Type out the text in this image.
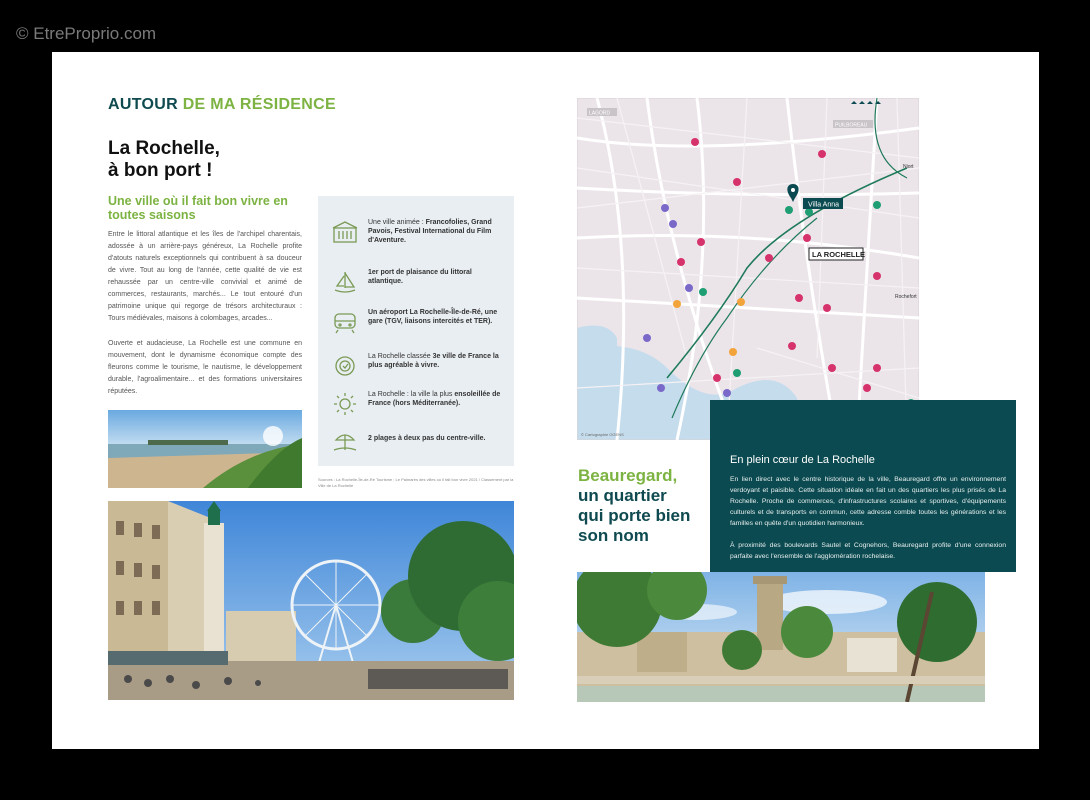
© EtreProprio.com
AUTOUR DE MA RÉSIDENCE
La Rochelle,
à bon port !
Une ville où il fait bon vivre en toutes saisons
Entre le littoral atlantique et les îles de l'archipel charentais, adossée à un arrière-pays généreux, La Rochelle profite d'atouts naturels exceptionnels qui contribuent à sa douceur de vivre. Tout au long de l'année, cette qualité de vie est rehaussée par un centre-ville convivial et animé de commerces, restaurants, marchés... Le tout entouré d'un patrimoine unique qui regorge de trésors architecturaux : Tours médiévales, maisons à colombages, arcades...
Ouverte et audacieuse, La Rochelle est une commune en mouvement, dont le dynamisme économique compte des fleurons comme le tourisme, le nautisme, le développement durable, l'agroalimentaire... et des formations universitaires réputées.
Une ville animée : Francofolies, Grand Pavois, Festival International du Film d'Aventure.
1er port de plaisance du littoral atlantique.
Un aéroport La Rochelle-Île-de-Ré, une gare (TGV, liaisons intercités et TER).
La Rochelle classée 3e ville de France la plus agréable à vivre.
La Rochelle : la ville la plus ensoleillée de France (hors Méditerranée).
2 plages à deux pas du centre-ville.
Sources : La Rochelle-Île-de-Ré Tourisme ; Le Palmarès des villes où il fait bon vivre 2021 / Classement par la Ville de La Rochelle
Villa Anna
LA ROCHELLE
LAGORD
PUILBOREAU
Niort
Rochefort
© Cartographie OGENS
Beauregard,
un quartier
qui porte bien
son nom
En plein cœur de La Rochelle
En lien direct avec le centre historique de la ville, Beauregard offre un environnement verdoyant et paisible. Cette situation idéale en fait un des quartiers les plus prisés de La Rochelle. Proche de commerces, d'infrastructures scolaires et sportives, d'équipements culturels et de transports en commun, cette adresse comble toutes les générations et les familles en quête d'un quotidien harmonieux.
À proximité des boulevards Sautel et Cognehors, Beauregard profite d'une connexion parfaite avec l'ensemble de l'agglomération rochelaise.
